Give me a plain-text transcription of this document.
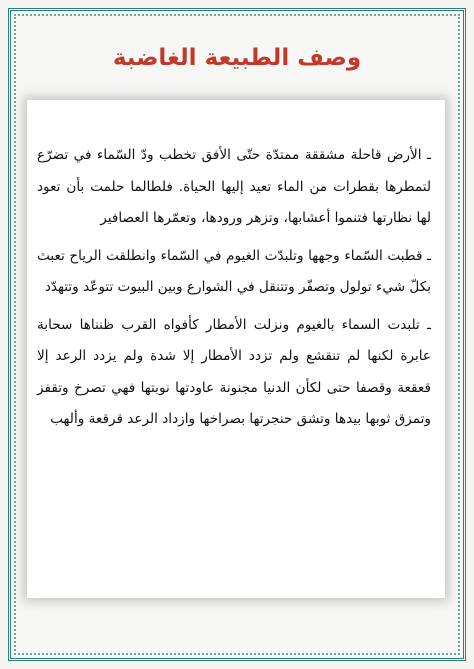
وصف الطبيعة الغاضبة

ـ الأرض قاحلة مشققة ممتدّة حتّى الأفق تخطب ودّ السّماء في تضرّع لتمطرها بقطرات من الماء تعيد إليها الحياة. فلطالما حلمت بأن تعود لها نظارتها فتنموا أعشابها، وتزهر ورودها، وتعمّرها العصافير

ـ قطبت السّماء وجهها وتلبدّت الغيوم في السّماء وانطلقت الرياح تعبث بكلّ شيء تولول وتصفّر وتتنقل في الشوارع وبين البيوت تتوعّد وتتهدّد

ـ تلبدت السماء بالغيوم ونزلت الأمطار كأفواه القرب ظنناها سحابة عابرة لكنها لم تنقشع ولم تزدد الأمطار إلا شدة ولم يزدد الرعد إلا قعقعة وقصفا حتى لكأن الدنيا مجنونة عاودتها نوبتها فهي تصرخ وتقفز وتمزق ثوبها بيدها وتشق حنجرتها بصراخها وازداد الرعد قرقعة وألهب
